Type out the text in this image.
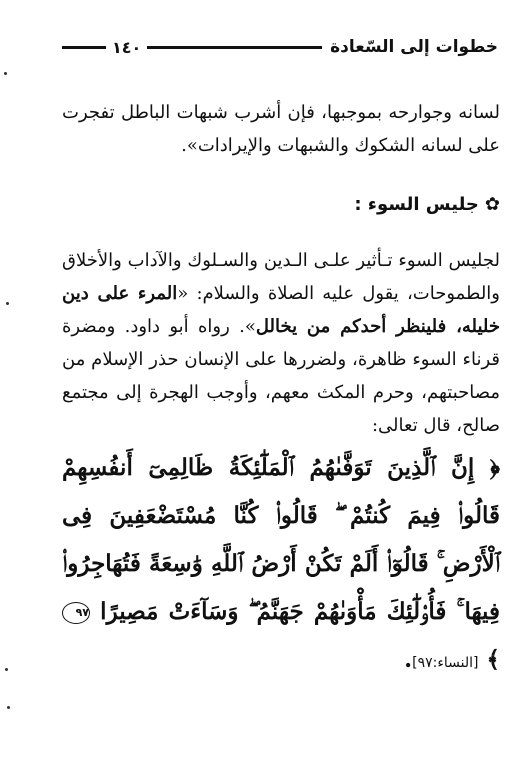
خطوات إلى السّعادة
١٤٠

لسانه وجوارحه بموجبها، فإن أشرب شبهات الباطل تفجرت على لسانه الشكوك والشبهات والإيرادات».

✿جليس السوء :

لجليس السوء تـأثير علـى الـدين والسـلوك والآداب والأخلاق والطموحات، يقول عليه الصلاة والسلام: «المرء على دين خليله، فلينظر أحدكم من يخالل». رواه أبو داود. ومضرة قرناء السوء ظاهرة، ولضررها على الإنسان حذر الإسلام من مصاحبتهم، وحرم المكث معهم، وأوجب الهجرة إلى مجتمع صالح، قال تعالى:

﴿ إِنَّ ٱلَّذِينَ تَوَفَّىٰهُمُ ٱلْمَلَٰٓئِكَةُ ظَالِمِىٓ أَنفُسِهِمْ قَالُوا۟ فِيمَ كُنتُمْ ۖ قَالُوا۟ كُنَّا مُسْتَضْعَفِينَ فِى ٱلْأَرْضِ ۚ قَالُوٓا۟ أَلَمْ تَكُنْ أَرْضُ ٱللَّهِ وَٰسِعَةً فَتُهَاجِرُوا۟ فِيهَا ۚ فَأُو۟لَٰٓئِكَ مَأْوَىٰهُمْ جَهَنَّمُ ۖ وَسَآءَتْ مَصِيرًا ٩٧ ﴾ [النساء:٩٧].
